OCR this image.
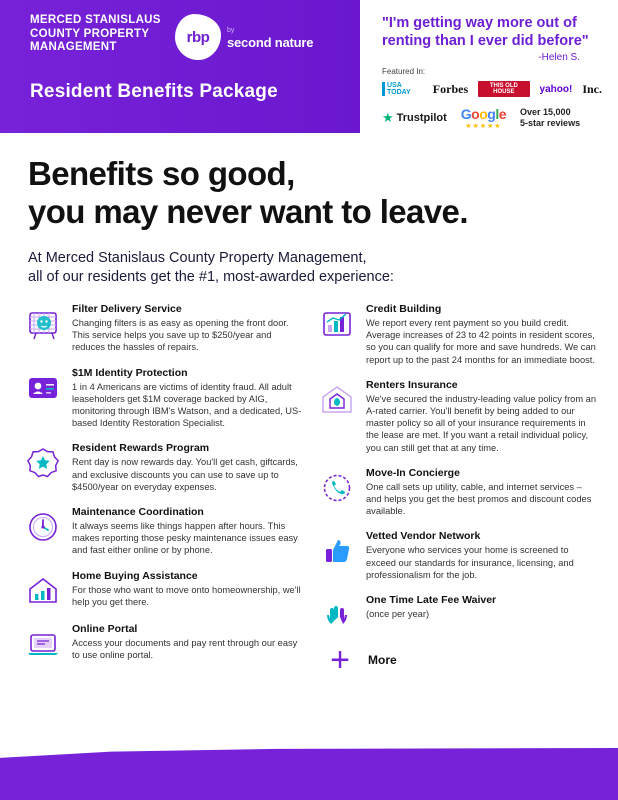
MERCED STANISLAUS COUNTY PROPERTY MANAGEMENT
rbp	by
second nature
Resident Benefits Package
"I'm getting way more out of renting than I ever did before"
-Helen S.
Featured In:
USA TODAY	Forbes	THIS OLD HOUSE	yahoo! Inc.
★ Trustpilot Google
★★★★★
Over 15,000
5-star reviews
Benefits so good,
you may never want to leave.
At Merced Stanislaus County Property Management,
all of our residents get the #1, most-awarded experience:
Filter Delivery Service
Changing filters is as easy as opening the front door. This service helps you save up to $250/year and reduces the hassles of repairs.
$1M Identity Protection
1 in 4 Americans are victims of identity fraud. All adult leaseholders get $1M coverage backed by AIG, monitoring through IBM's Watson, and a dedicated, US-based Identity Restoration Specialist.
Resident Rewards Program
Rent day is now rewards day. You'll get cash, giftcards, and exclusive discounts you can use to save up to $4500/year on everyday expenses.
Maintenance Coordination
It always seems like things happen after hours. This makes reporting those pesky maintenance issues easy and fast either online or by phone.
Home Buying Assistance
For those who want to move onto homeownership, we'll help you get there.
Online Portal
Access your documents and pay rent through our easy to use online portal.
Credit Building
We report every rent payment so you build credit. Average increases of 23 to 42 points in resident scores, so you can qualify for more and save hundreds. We can report up to the past 24 months for an immediate boost.
Renters Insurance
We've secured the industry-leading value policy from an A-rated carrier. You'll benefit by being added to our master policy so all of your insurance requirements in the lease are met. If you want a retail individual policy, you can still get that at any time.
Move-In Concierge
One call sets up utility, cable, and internet services – and helps you get the best promos and discount codes available.
Vetted Vendor Network
Everyone who services your home is screened to exceed our standards for insurance, licensing, and professionalism for the job.
One Time Late Fee Waiver
(once per year)
+	More
